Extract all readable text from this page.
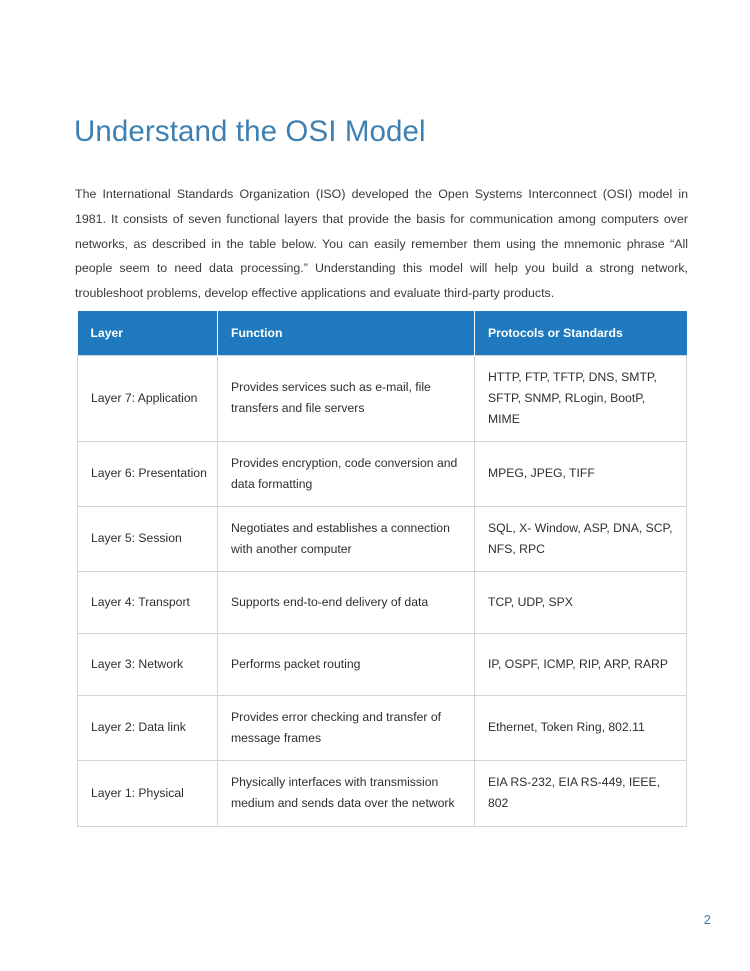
Understand the OSI Model

The International Standards Organization (ISO) developed the Open Systems Interconnect (OSI) model in 1981. It consists of seven functional layers that provide the basis for communication among computers over networks, as described in the table below. You can easily remember them using the mnemonic phrase “All people seem to need data processing.” Understanding this model will help you build a strong network, troubleshoot problems, develop effective applications and evaluate third-party products.

Layer	Function	Protocols or Standards
Layer 7: Application	Provides services such as e-mail, file transfers and file servers	HTTP, FTP, TFTP, DNS, SMTP, SFTP, SNMP, RLogin, BootP, MIME
Layer 6: Presentation	Provides encryption, code conversion and data formatting	MPEG, JPEG, TIFF
Layer 5: Session	Negotiates and establishes a connection with another computer	SQL, X- Window, ASP, DNA, SCP, NFS, RPC
Layer 4: Transport	Supports end-to-end delivery of data	TCP, UDP, SPX
Layer 3: Network	Performs packet routing	IP, OSPF, ICMP, RIP, ARP, RARP
Layer 2: Data link	Provides error checking and transfer of message frames	Ethernet, Token Ring, 802.11
Layer 1: Physical	Physically interfaces with transmission medium and sends data over the network	EIA RS-232, EIA RS-449, IEEE, 802
2
